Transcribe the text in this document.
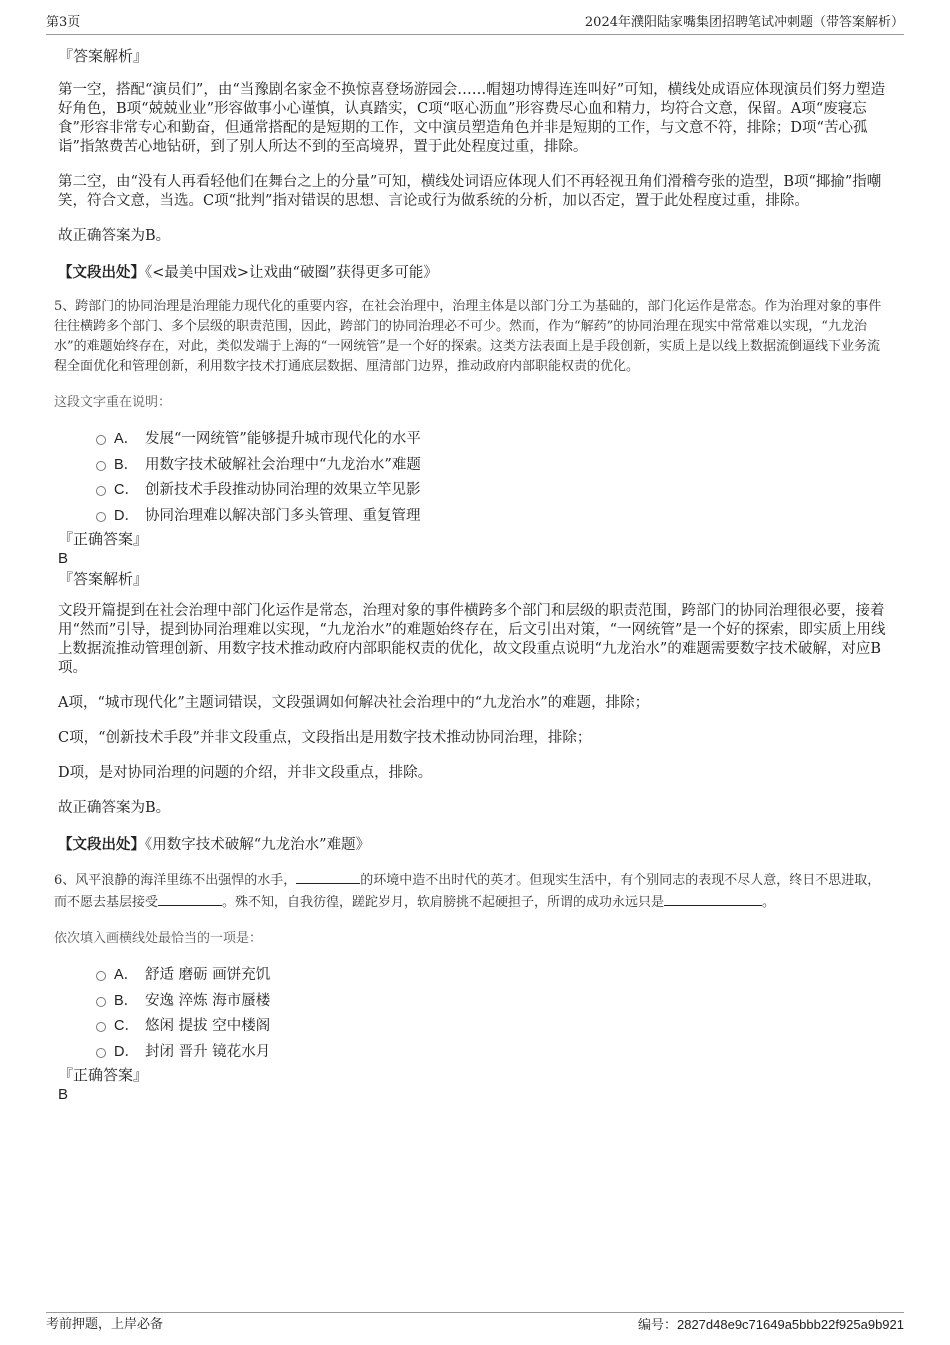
第3页	2024年濮阳陆家嘴集团招聘笔试冲刺题（带答案解析）

『答案解析』

第一空，搭配“演员们”，由“当豫剧名家金不换惊喜登场游园会……帽翅功博得连连叫好”可知，横线处成语应体现演员们努力塑造好角色，B项“兢兢业业”形容做事小心谨慎，认真踏实，C项“呕心沥血”形容费尽心血和精力，均符合文意，保留。A项“废寝忘食”形容非常专心和勤奋，但通常搭配的是短期的工作，文中演员塑造角色并非是短期的工作，与文意不符，排除；D项“苦心孤诣”指煞费苦心地钻研，到了别人所达不到的至高境界，置于此处程度过重，排除。

第二空，由“没有人再看轻他们在舞台之上的分量”可知，横线处词语应体现人们不再轻视丑角们滑稽夸张的造型，B项“揶揄”指嘲笑，符合文意，当选。C项“批判”指对错误的思想、言论或行为做系统的分析，加以否定，置于此处程度过重，排除。

故正确答案为B。

【文段出处】《<最美中国戏>让戏曲“破圈”获得更多可能》

5、跨部门的协同治理是治理能力现代化的重要内容，在社会治理中，治理主体是以部门分工为基础的，部门化运作是常态。作为治理对象的事件往往横跨多个部门、多个层级的职责范围，因此，跨部门的协同治理必不可少。然而，作为“解药”的协同治理在现实中常常难以实现，“九龙治水”的难题始终存在，对此，类似发端于上海的“一网统管”是一个好的探索。这类方法表面上是手段创新，实质上是以线上数据流倒逼线下业务流程全面优化和管理创新，利用数字技术打通底层数据、厘清部门边界，推动政府内部职能权责的优化。

这段文字重在说明：

A． 发展“一网统管”能够提升城市现代化的水平
B． 用数字技术破解社会治理中“九龙治水”难题
C． 创新技术手段推动协同治理的效果立竿见影
D． 协同治理难以解决部门多头管理、重复管理

『正确答案』

B

『答案解析』

文段开篇提到在社会治理中部门化运作是常态，治理对象的事件横跨多个部门和层级的职责范围，跨部门的协同治理很必要，接着用“然而”引导，提到协同治理难以实现，“九龙治水”的难题始终存在，后文引出对策，“一网统管”是一个好的探索，即实质上用线上数据流推动管理创新、用数字技术推动政府内部职能权责的优化，故文段重点说明“九龙治水”的难题需要数字技术破解，对应B项。

A项，“城市现代化”主题词错误，文段强调如何解决社会治理中的“九龙治水”的难题，排除；

C项，“创新技术手段”并非文段重点，文段指出是用数字技术推动协同治理，排除；

D项，是对协同治理的问题的介绍，并非文段重点，排除。

故正确答案为B。

【文段出处】《用数字技术破解“九龙治水”难题》

6、风平浪静的海洋里练不出强悍的水手，	的环境中造不出时代的英才。但现实生活中，有个别同志的表现不尽人意，终日不思进取，而不愿去基层接受	。殊不知，自我彷徨，蹉跎岁月，软肩膀挑不起硬担子，所谓的成功永远只是	。

依次填入画横线处最恰当的一项是：

A． 舒适 磨砺 画饼充饥
B． 安逸 淬炼 海市蜃楼
C． 悠闲 提拔 空中楼阁
D． 封闭 晋升 镜花水月

『正确答案』

B

考前押题，上岸必备	编号：2827d48e9c71649a5bbb22f925a9b921
